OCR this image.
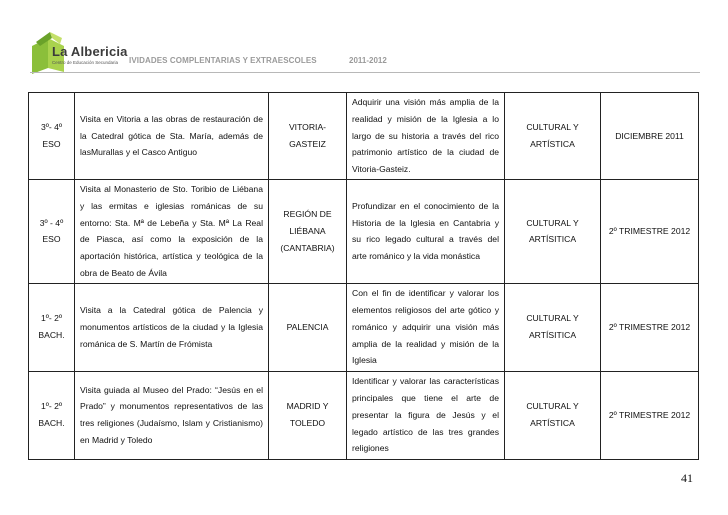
La Albericia
Centro de Educación Secundaria IVIDADES COMPLENTARIAS Y EXTRAESCOLES	2011-2012
3º- 4º ESO	Visita en Vitoria a las obras de restauración de la Catedral gótica de Sta. María, además de lasMurallas y el Casco Antiguo	VITORIA-GASTEIZ	Adquirir una visión más amplia de la realidad y misión de la Iglesia a lo largo de su historia a través del rico patrimonio artístico de la ciudad de Vitoria-Gasteiz.	CULTURAL Y ARTÍSTICA	DICIEMBRE 2011
3º - 4º ESO	Visita al Monasterio de Sto. Toribio de Liébana y las ermitas e iglesias románicas de su entorno: Sta. Mª de Lebeña y Sta. Mª La Real de Piasca, así como la exposición de la aportación histórica, artística y teológica de la obra de Beato de Ávila	REGIÓN DE LIÉBANA (CANTABRIA)	Profundizar en el conocimiento de la Historia de la Iglesia en Cantabria y su rico legado cultural a través del arte románico y la vida monástica	CULTURAL Y ARTÍSITICA	2º TRIMESTRE 2012
1º- 2º BACH.	Visita a la Catedral gótica de Palencia y monumentos artísticos de la ciudad y la Iglesia románica de S. Martín de Frómista	PALENCIA	Con el fin de identificar y valorar los elementos religiosos del arte gótico y románico y adquirir una visión más amplia de la realidad y misión de la Iglesia	CULTURAL Y ARTÍSITICA	2º TRIMESTRE 2012
1º- 2º BACH.	Visita guiada al Museo del Prado: “Jesús en el Prado” y monumentos representativos de las tres religiones (Judaísmo, Islam y Cristianismo) en Madrid y Toledo	MADRID Y TOLEDO	Identificar y valorar las características principales que tiene el arte de presentar la figura de Jesús y el legado artístico de las tres grandes religiones	CULTURAL Y ARTÍSTICA	2º TRIMESTRE 2012
41
